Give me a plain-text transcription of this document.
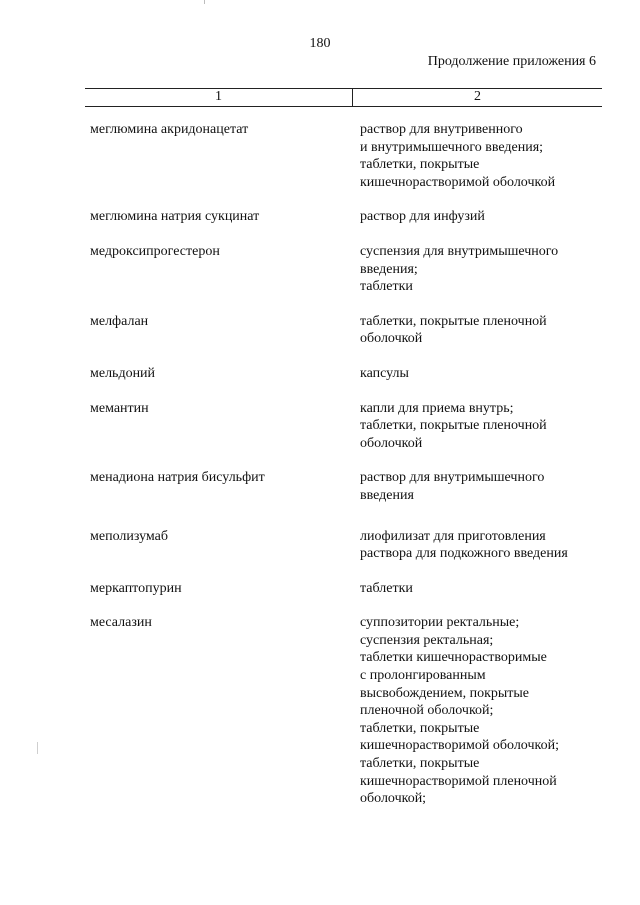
180
Продолжение приложения 6
1	2
меглюмина акридонацетат	раствор для внутривенного
и внутримышечного введения;
таблетки, покрытые
кишечнорастворимой оболочкой
меглюмина натрия сукцинат	раствор для инфузий
медроксипрогестерон	суспензия для внутримышечного
введения;
таблетки
мелфалан	таблетки, покрытые пленочной
оболочкой
мельдоний	капсулы
мемантин	капли для приема внутрь;
таблетки, покрытые пленочной
оболочкой
менадиона натрия бисульфит	раствор для внутримышечного
введения
меполизумаб	лиофилизат для приготовления
раствора для подкожного введения
меркаптопурин	таблетки
месалазин	суппозитории ректальные;
суспензия ректальная;
таблетки кишечнорастворимые
с пролонгированным
высвобождением, покрытые
пленочной оболочкой;
таблетки, покрытые
кишечнорастворимой оболочкой;
таблетки, покрытые
кишечнорастворимой пленочной
оболочкой;
